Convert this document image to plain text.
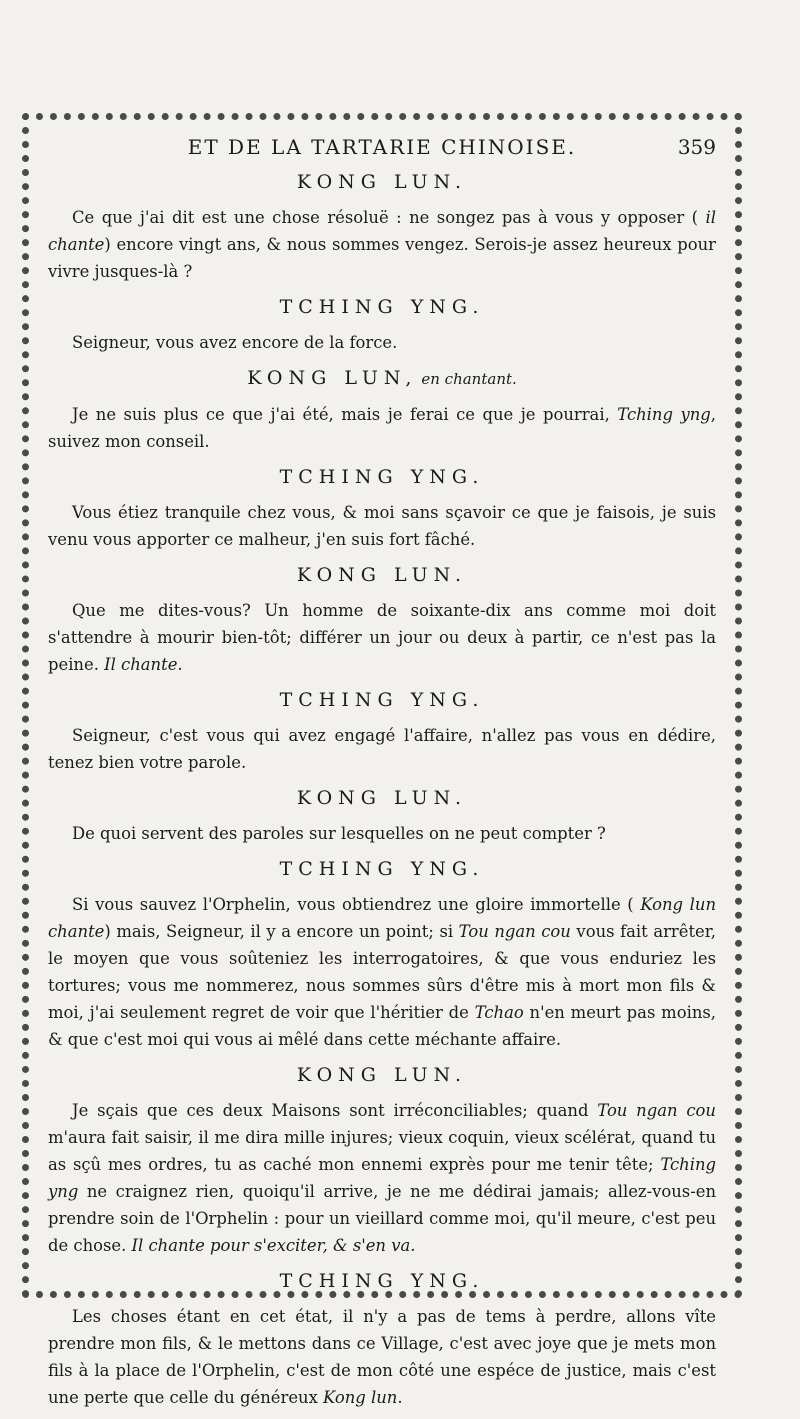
ET DE LA TARTARIE CHINOISE.	359
KONG LUN.

Ce que j'ai dit est une chose résoluë : ne songez pas à vous y opposer ( il chante) encore vingt ans, & nous sommes vengez. Serois-je assez heureux pour vivre jusques-là ?

TCHING YNG.

Seigneur, vous avez encore de la force.

KONG LUN, en chantant.

Je ne suis plus ce que j'ai été, mais je ferai ce que je pourrai, Tching yng, suivez mon conseil.

TCHING YNG.

Vous étiez tranquile chez vous, & moi sans sçavoir ce que je faisois, je suis venu vous apporter ce malheur, j'en suis fort fâché.

KONG LUN.

Que me dites-vous? Un homme de soixante-dix ans comme moi doit s'attendre à mourir bien-tôt; différer un jour ou deux à partir, ce n'est pas la peine. Il chante.

TCHING YNG.

Seigneur, c'est vous qui avez engagé l'affaire, n'allez pas vous en dédire, tenez bien votre parole.

KONG LUN.

De quoi servent des paroles sur lesquelles on ne peut compter ?

TCHING YNG.

Si vous sauvez l'Orphelin, vous obtiendrez une gloire immortelle ( Kong lun chante) mais, Seigneur, il y a encore un point; si Tou ngan cou vous fait arrêter, le moyen que vous soûteniez les interrogatoires, & que vous enduriez les tortures; vous me nommerez, nous sommes sûrs d'être mis à mort mon fils & moi, j'ai seulement regret de voir que l'héritier de Tchao n'en meurt pas moins, & que c'est moi qui vous ai mêlé dans cette méchante affaire.

KONG LUN.

Je sçais que ces deux Maisons sont irréconciliables; quand Tou ngan cou m'aura fait saisir, il me dira mille injures; vieux coquin, vieux scélérat, quand tu as sçû mes ordres, tu as caché mon ennemi exprès pour me tenir tête; Tching yng ne craignez rien, quoiqu'il arrive, je ne me dédirai jamais; allez-vous-en prendre soin de l'Orphelin : pour un vieillard comme moi, qu'il meure, c'est peu de chose. Il chante pour s'exciter, & s'en va.

TCHING YNG.

Les choses étant en cet état, il n'y a pas de tems à perdre, allons vîte prendre mon fils, & le mettons dans ce Village, c'est avec joye que je mets mon fils à la place de l'Orphelin, c'est de mon côté une espéce de justice, mais c'est une perte que celle du généreux Kong lun.
